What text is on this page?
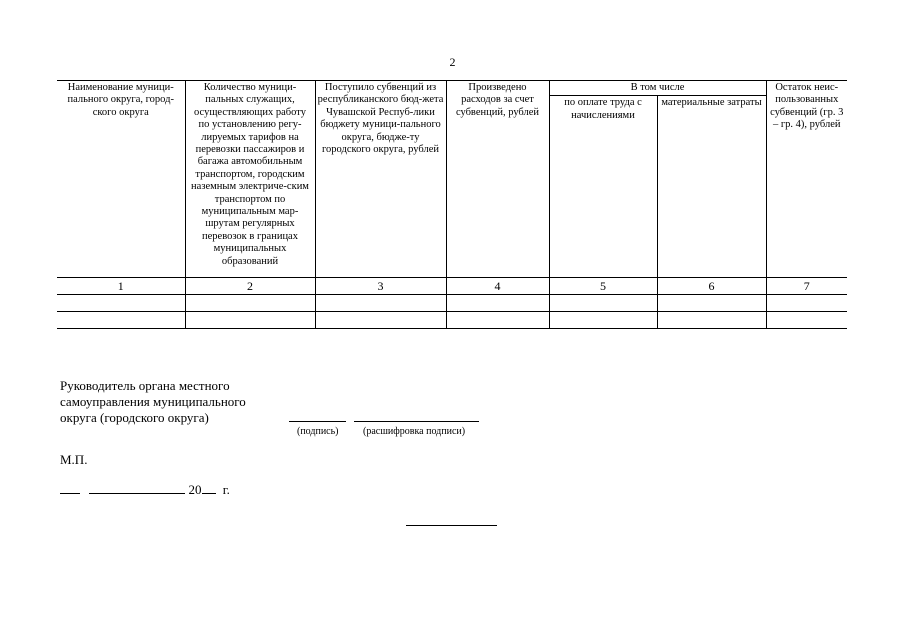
2
Наименование муници-пального округа, город-ского округа	Количество муници-пальных служащих, осуществляющих работу по установлению регу-лируемых тарифов на перевозки пассажиров и багажа автомобильным транспортом, городским наземным электриче-ским транспортом по муниципальным мар-шрутам регулярных перевозок в границах муниципальных образований	Поступило субвенций из республиканского бюд-жета Чувашской Респуб-лики бюджету муници-пального округа, бюдже-ту городского округа, рублей	Произведено расходов за счет субвенций, рублей	В том числе		Остаток неис-пользованных субвенций (гр. 3 – гр. 4), рублей
				по оплате труда с начислениями	материальные затраты	
1	2	3	4	5	6	7

Руководитель органа местного
самоуправления муниципального
округа (городского округа)
(подпись) (расшифровка подписи)
М.П.
20 г.
